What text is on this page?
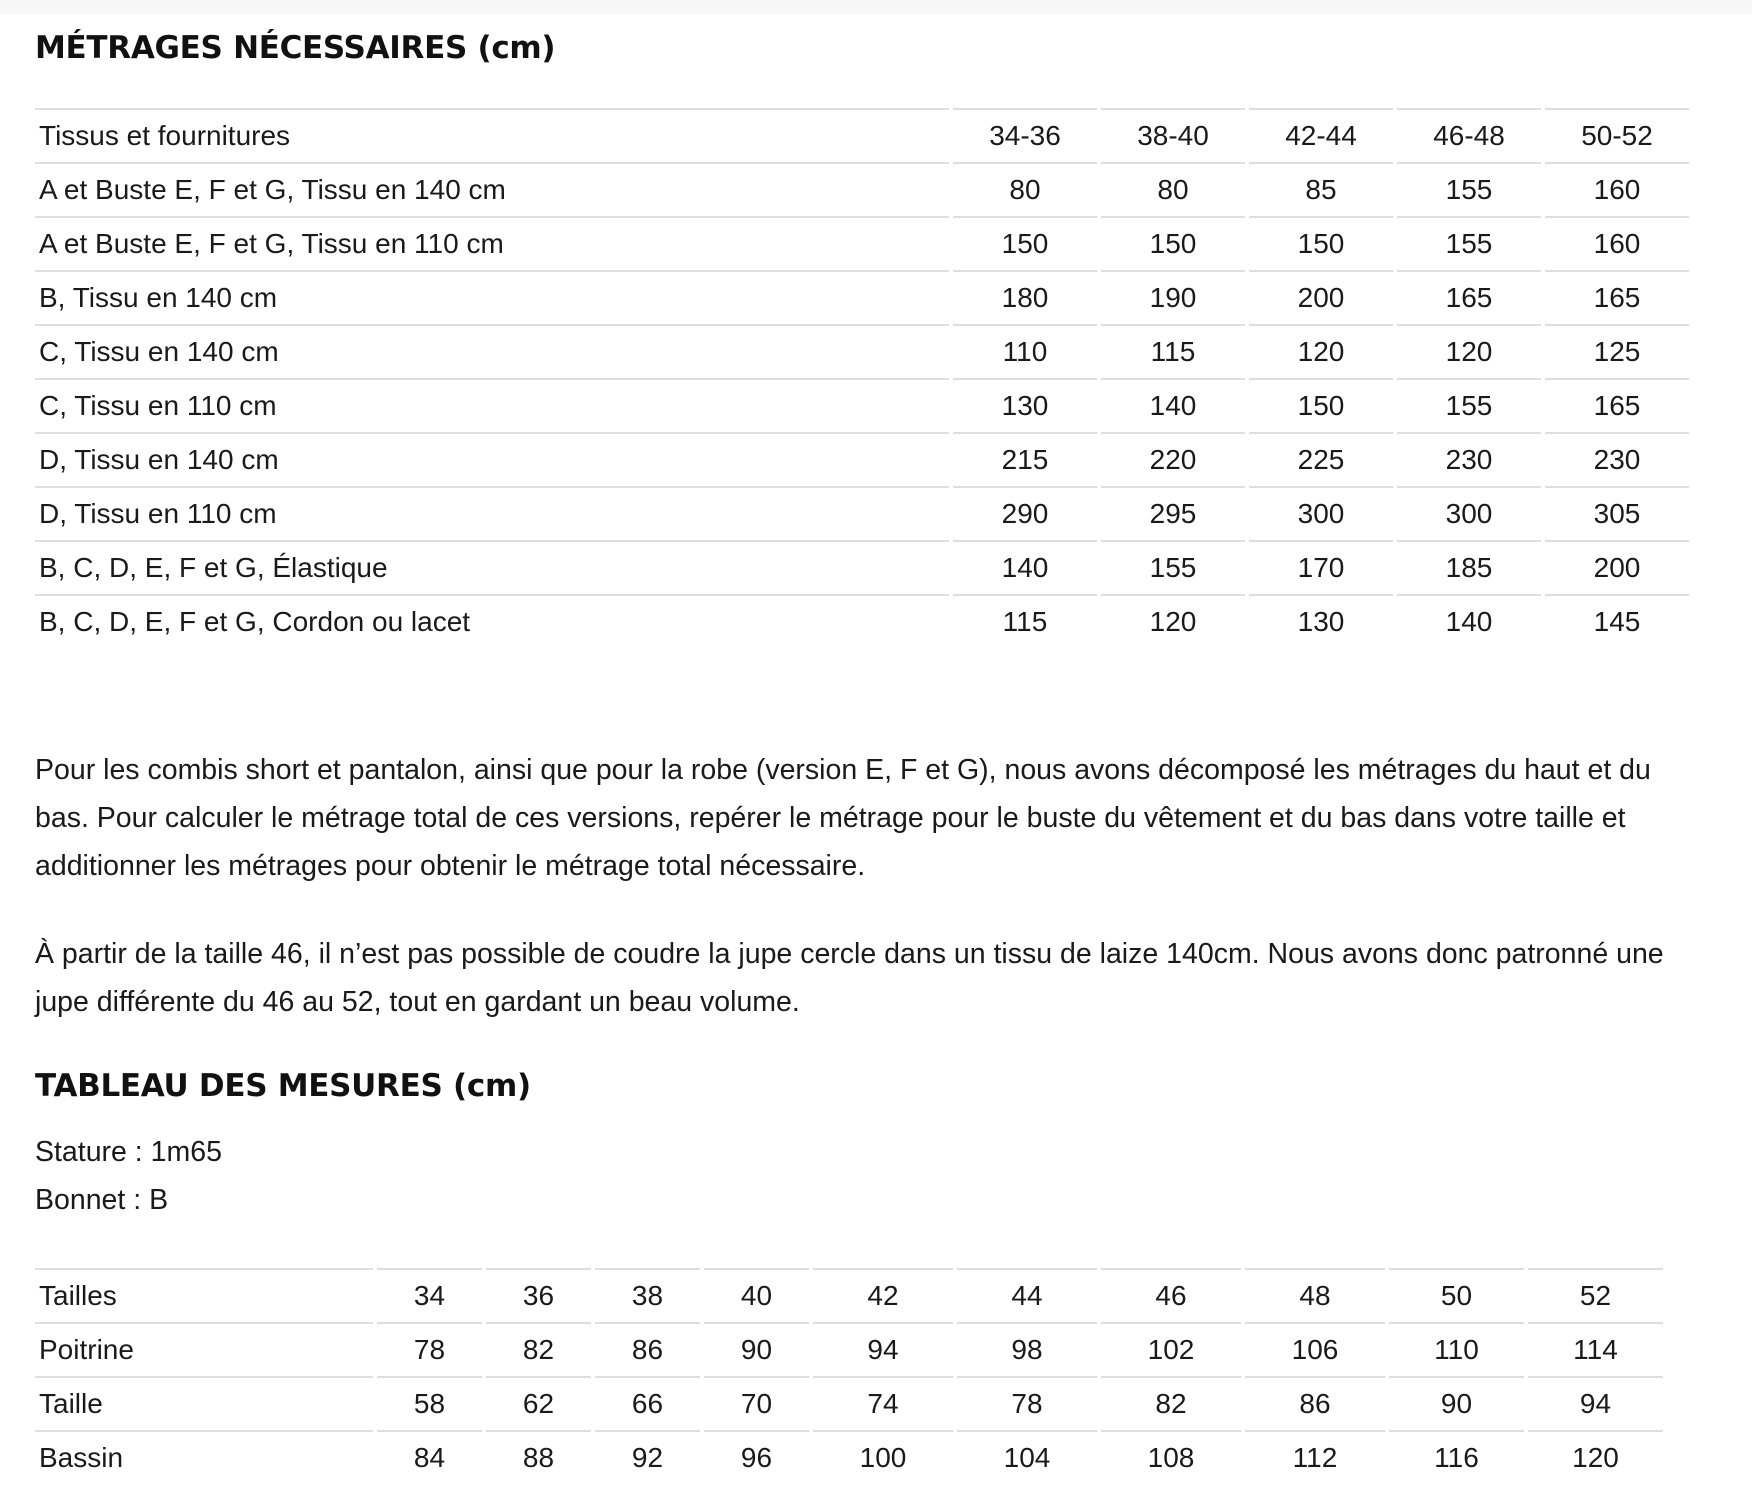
MÉTRAGES NÉCESSAIRES (cm)
Tissus et fournitures	34-36	38-40	42-44	46-48	50-52
A et Buste E, F et G, Tissu en 140 cm	80	80	85	155	160
A et Buste E, F et G, Tissu en 110 cm	150	150	150	155	160
B, Tissu en 140 cm	180	190	200	165	165
C, Tissu en 140 cm	110	115	120	120	125
C, Tissu en 110 cm	130	140	150	155	165
D, Tissu en 140 cm	215	220	225	230	230
D, Tissu en 110 cm	290	295	300	300	305
B, C, D, E, F et G, Élastique	140	155	170	185	200
B, C, D, E, F et G, Cordon ou lacet	115	120	130	140	145

Pour les combis short et pantalon, ainsi que pour la robe (version E, F et G), nous avons décomposé les métrages du haut et du bas. Pour calculer le métrage total de ces versions, repérer le métrage pour le buste du vêtement et du bas dans votre taille et additionner les métrages pour obtenir le métrage total nécessaire.

À partir de la taille 46, il n’est pas possible de coudre la jupe cercle dans un tissu de laize 140cm. Nous avons donc patronné une jupe différente du 46 au 52, tout en gardant un beau volume.

TABLEAU DES MESURES (cm)

Stature : 1m65

Bonnet : B

Tailles	34	36	38	40	42	44	46	48	50	52
Poitrine	78	82	86	90	94	98	102	106	110	114
Taille	58	62	66	70	74	78	82	86	90	94
Bassin	84	88	92	96	100	104	108	112	116	120
